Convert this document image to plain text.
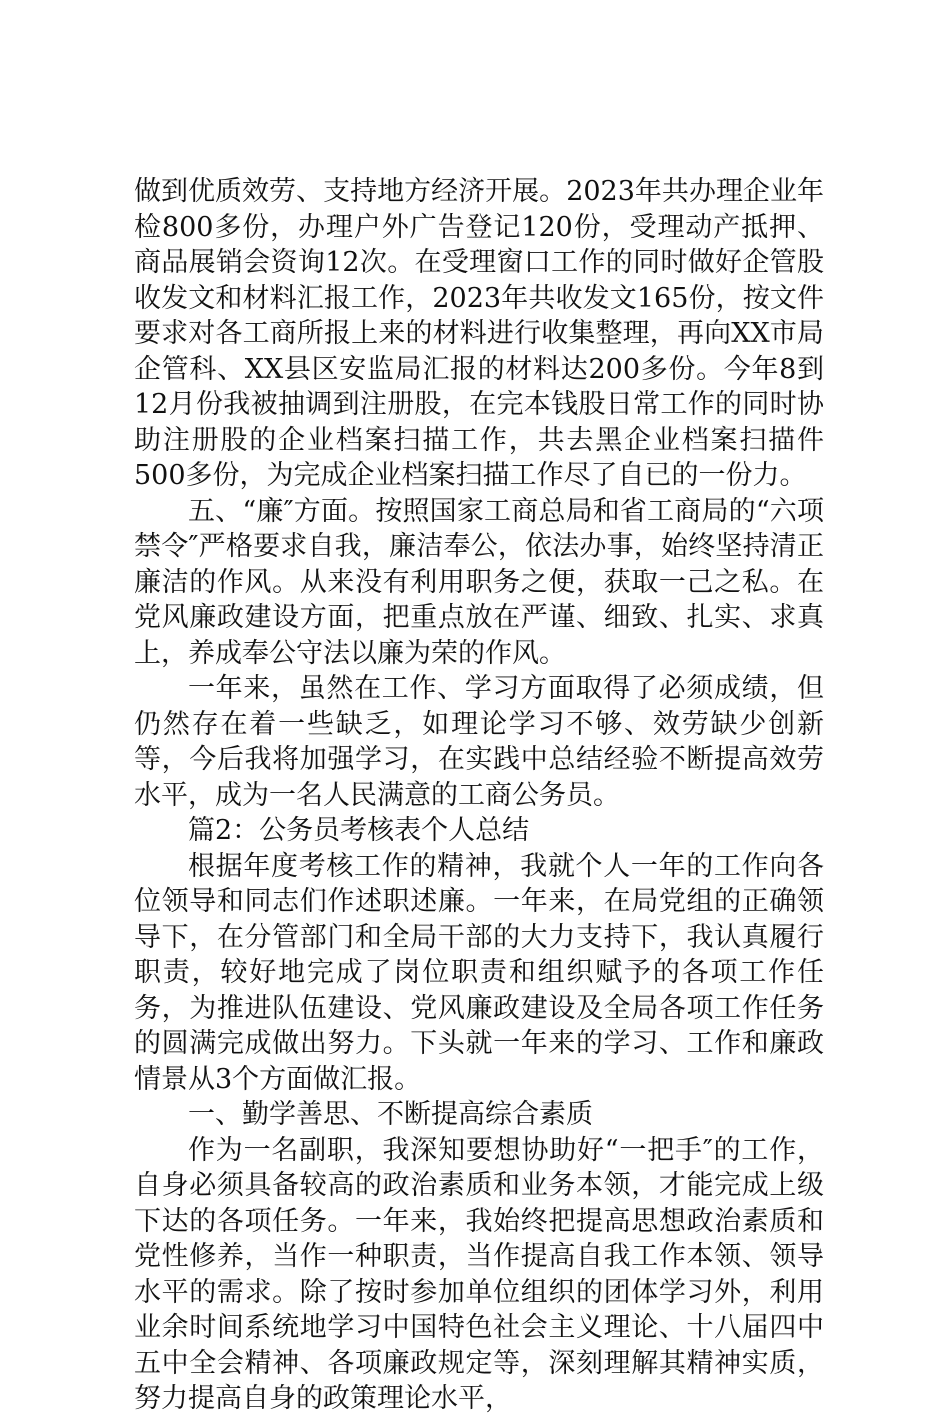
做到优质效劳、支持地方经济开展。2023年共办理企业年检800多份，办理户外广告登记120份，受理动产抵押、商品展销会资询12次。在受理窗口工作的同时做好企管股收发文和材料汇报工作，2023年共收发文165份，按文件要求对各工商所报上来的材料进行收集整理，再向XX市局企管科、XX县区安监局汇报的材料达200多份。今年8到12月份我被抽调到注册股，在完本钱股日常工作的同时协助注册股的企业档案扫描工作，共去黑企业档案扫描件500多份，为完成企业档案扫描工作尽了自已的一份力。

五、“廉″方面。按照国家工商总局和省工商局的“六项禁令″严格要求自我，廉洁奉公，依法办事，始终坚持清正廉洁的作风。从来没有利用职务之便，获取一己之私。在党风廉政建设方面，把重点放在严谨、细致、扎实、求真上，养成奉公守法以廉为荣的作风。

一年来，虽然在工作、学习方面取得了必须成绩，但仍然存在着一些缺乏，如理论学习不够、效劳缺少创新等，今后我将加强学习，在实践中总结经验不断提高效劳水平，成为一名人民满意的工商公务员。

篇2：公务员考核表个人总结

根据年度考核工作的精神，我就个人一年的工作向各位领导和同志们作述职述廉。一年来，在局党组的正确领导下，在分管部门和全局干部的大力支持下，我认真履行职责，较好地完成了岗位职责和组织赋予的各项工作任务，为推进队伍建设、党风廉政建设及全局各项工作任务的圆满完成做出努力。下头就一年来的学习、工作和廉政情景从3个方面做汇报。

一、勤学善思、不断提高综合素质

作为一名副职，我深知要想协助好“一把手″的工作，自身必须具备较高的政治素质和业务本领，才能完成上级下达的各项任务。一年来，我始终把提高思想政治素质和党性修养，当作一种职责，当作提高自我工作本领、领导水平的需求。除了按时参加单位组织的团体学习外，利用业余时间系统地学习中国特色社会主义理论、十八届四中五中全会精神、各项廉政规定等，深刻理解其精神实质，努力提高自身的政策理论水平，
